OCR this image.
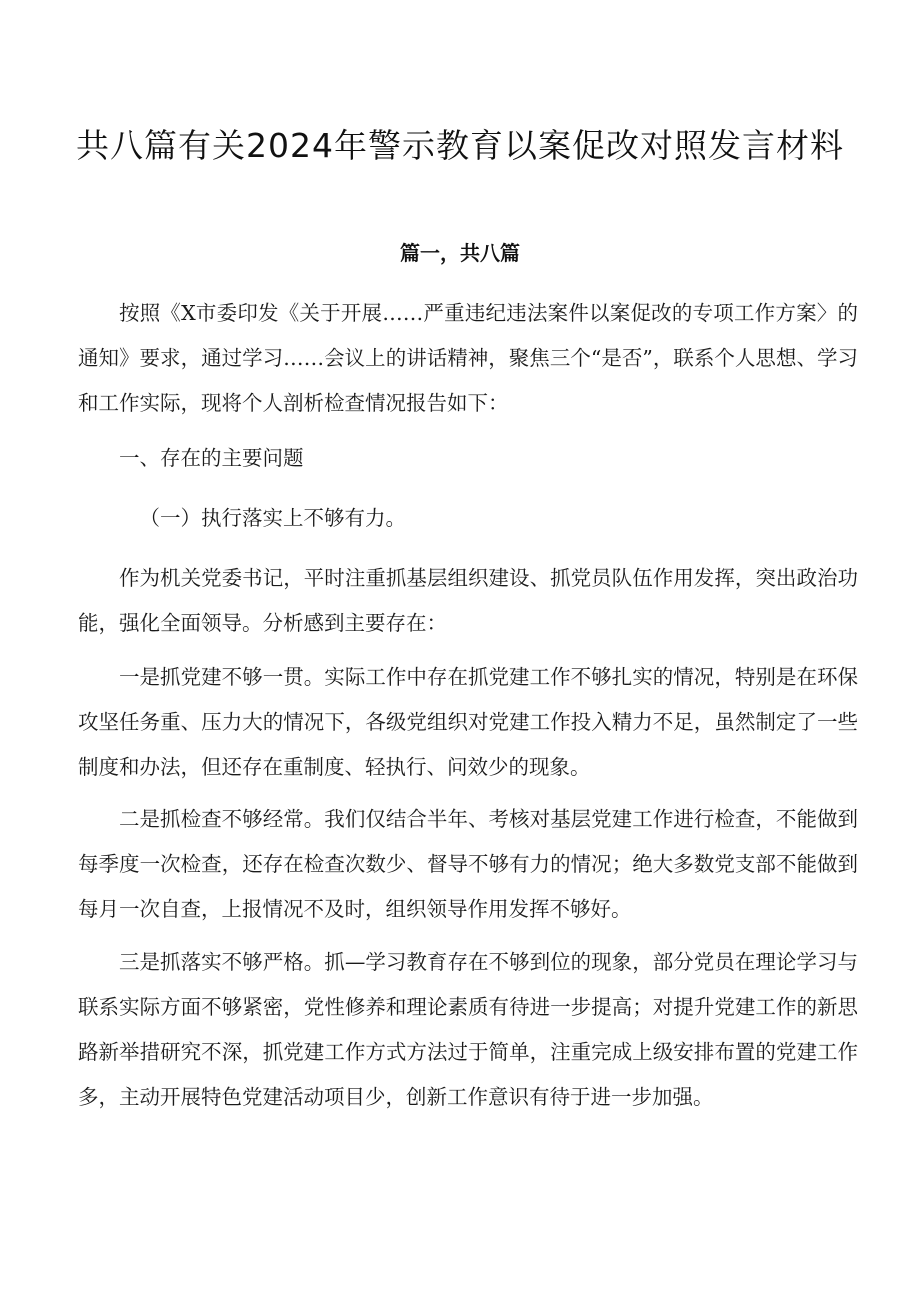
共八篇有关2024年警示教育以案促改对照发言材料
篇一，共八篇

按照《X市委印发《关于开展……严重违纪违法案件以案促改的专项工作方案〉的通知》要求，通过学习……会议上的讲话精神，聚焦三个“是否”，联系个人思想、学习和工作实际，现将个人剖析检查情况报告如下：

一、存在的主要问题

（一）执行落实上不够有力。

作为机关党委书记，平时注重抓基层组织建设、抓党员队伍作用发挥，突出政治功能，强化全面领导。分析感到主要存在：

一是抓党建不够一贯。实际工作中存在抓党建工作不够扎实的情况，特别是在环保攻坚任务重、压力大的情况下，各级党组织对党建工作投入精力不足，虽然制定了一些制度和办法，但还存在重制度、轻执行、问效少的现象。

二是抓检查不够经常。我们仅结合半年、考核对基层党建工作进行检查，不能做到每季度一次检查，还存在检查次数少、督导不够有力的情况；绝大多数党支部不能做到每月一次自查，上报情况不及时，组织领导作用发挥不够好。

三是抓落实不够严格。抓—学习教育存在不够到位的现象，部分党员在理论学习与联系实际方面不够紧密，党性修养和理论素质有待进一步提高；对提升党建工作的新思路新举措研究不深，抓党建工作方式方法过于简单，注重完成上级安排布置的党建工作多，主动开展特色党建活动项目少，创新工作意识有待于进一步加强。
